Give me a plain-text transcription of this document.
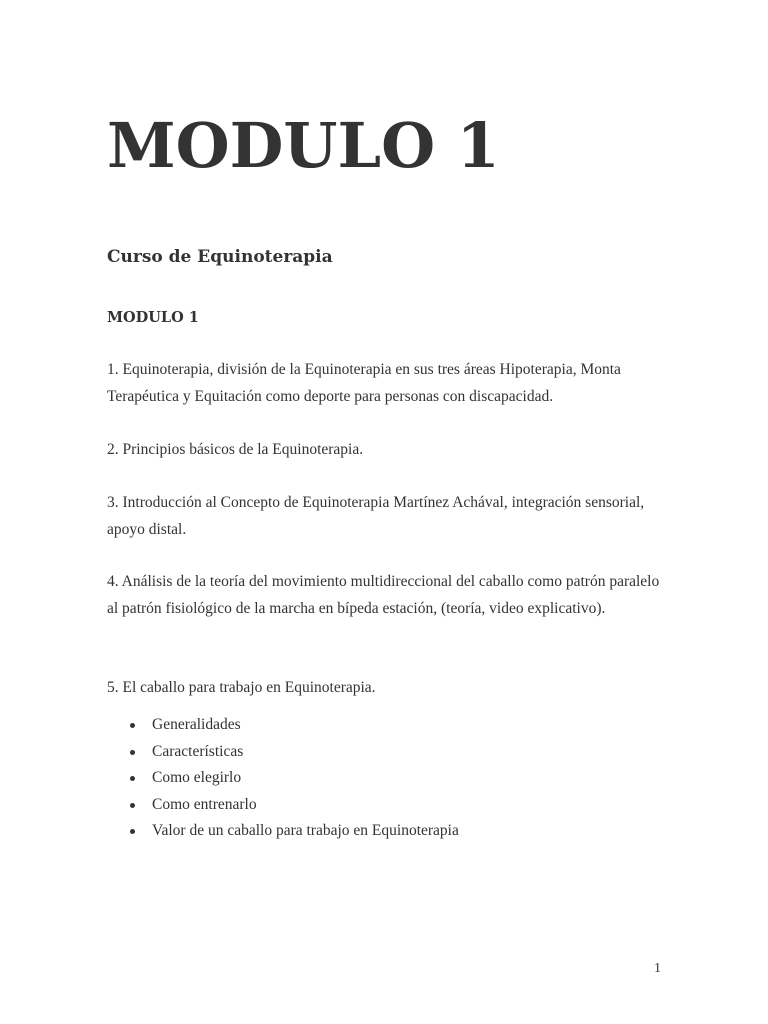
MODULO 1
Curso de Equinoterapia

MODULO 1

1. Equinoterapia, división de la Equinoterapia en sus tres áreas Hipoterapia, Monta Terapéutica y Equitación como deporte para personas con discapacidad.

2. Principios básicos de la Equinoterapia.

3. Introducción al Concepto de Equinoterapia Martínez Achával, integración sensorial, apoyo distal.

4. Análisis de la teoría del movimiento multidireccional del caballo como patrón paralelo al patrón fisiológico de la marcha en bípeda estación, (teoría, video explicativo).

5. El caballo para trabajo en Equinoterapia.

Generalidades
Características
Como elegirlo
Como entrenarlo
Valor de un caballo para trabajo en Equinoterapia
1
